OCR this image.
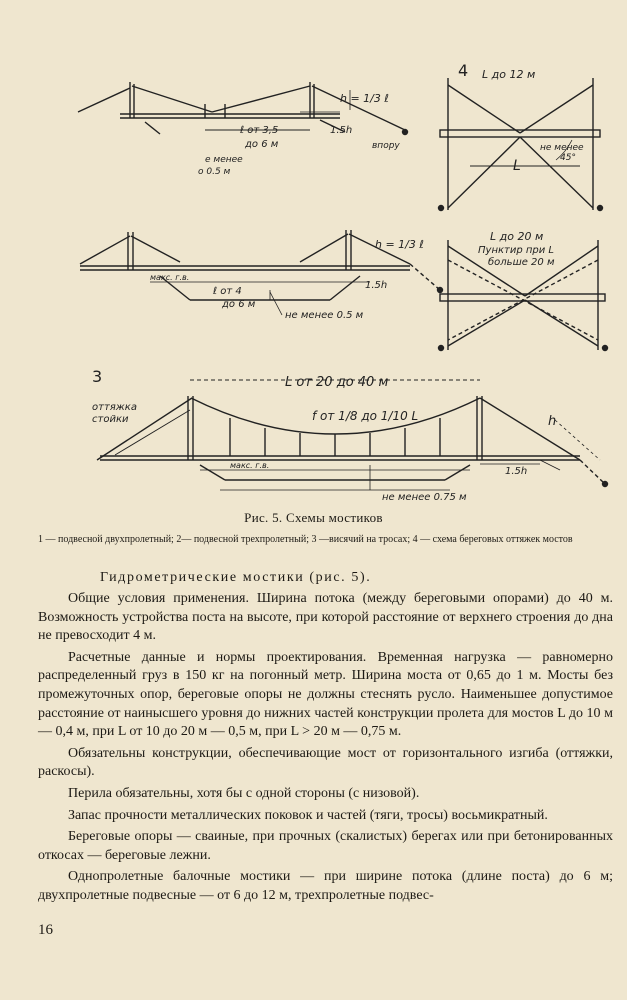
4
3
h = 1/3 ℓ
ℓ от 3,5
до 6 м
1.5h
впору
е менее
о 0.5 м
L до 12 м
не менее
45°
L
макс. г.в.
ℓ от 4
до 6 м
1.5h
не менее 0.5 м
h = 1/3 ℓ
L до 20 м
Пунктир при L
больше 20 м
L от 20 до 40 м
оттяжка
стойки	f от 1/8 до 1/10 L	h
макс. г.в.
1.5h
не менее 0.75 м
Рис. 5. Схемы мостиков
1 — подвесной двухпролетный; 2— подвесной трехпролетный; 3 —висячий на тросах; 4 — схема береговых оттяжек мостов
Гидрометрические мостики (рис. 5).

Общие условия применения. Ширина потока (между береговыми опорами) до 40 м. Возможность устройства поста на высоте, при которой расстояние от верхнего строения до дна не превосходит 4 м.

Расчетные данные и нормы проектирования. Временная нагрузка — равномерно распределенный груз в 150 кг на погонный метр. Ширина моста от 0,65 до 1 м. Мосты без промежуточных опор, береговые опоры не должны стеснять русло. Наименьшее допустимое расстояние от наинысшего уровня до нижних частей конструкции пролета для мостов L до 10 м — 0,4 м, при L от 10 до 20 м — 0,5 м, при L > 20 м — 0,75 м.

Обязательны конструкции, обеспечивающие мост от горизонтального изгиба (оттяжки, раскосы).

Перила обязательны, хотя бы с одной стороны (с низовой).

Запас прочности металлических поковок и частей (тяги, тросы) восьмикратный.

Береговые опоры — сваиные, при прочных (скалистых) берегах или при бетонированных откосах — береговые лежни.

Однопролетные балочные мостики — при ширине потока (длине поста) до 6 м; двухпролетные подвесные — от 6 до 12 м, трехпролетные подвес-

16
